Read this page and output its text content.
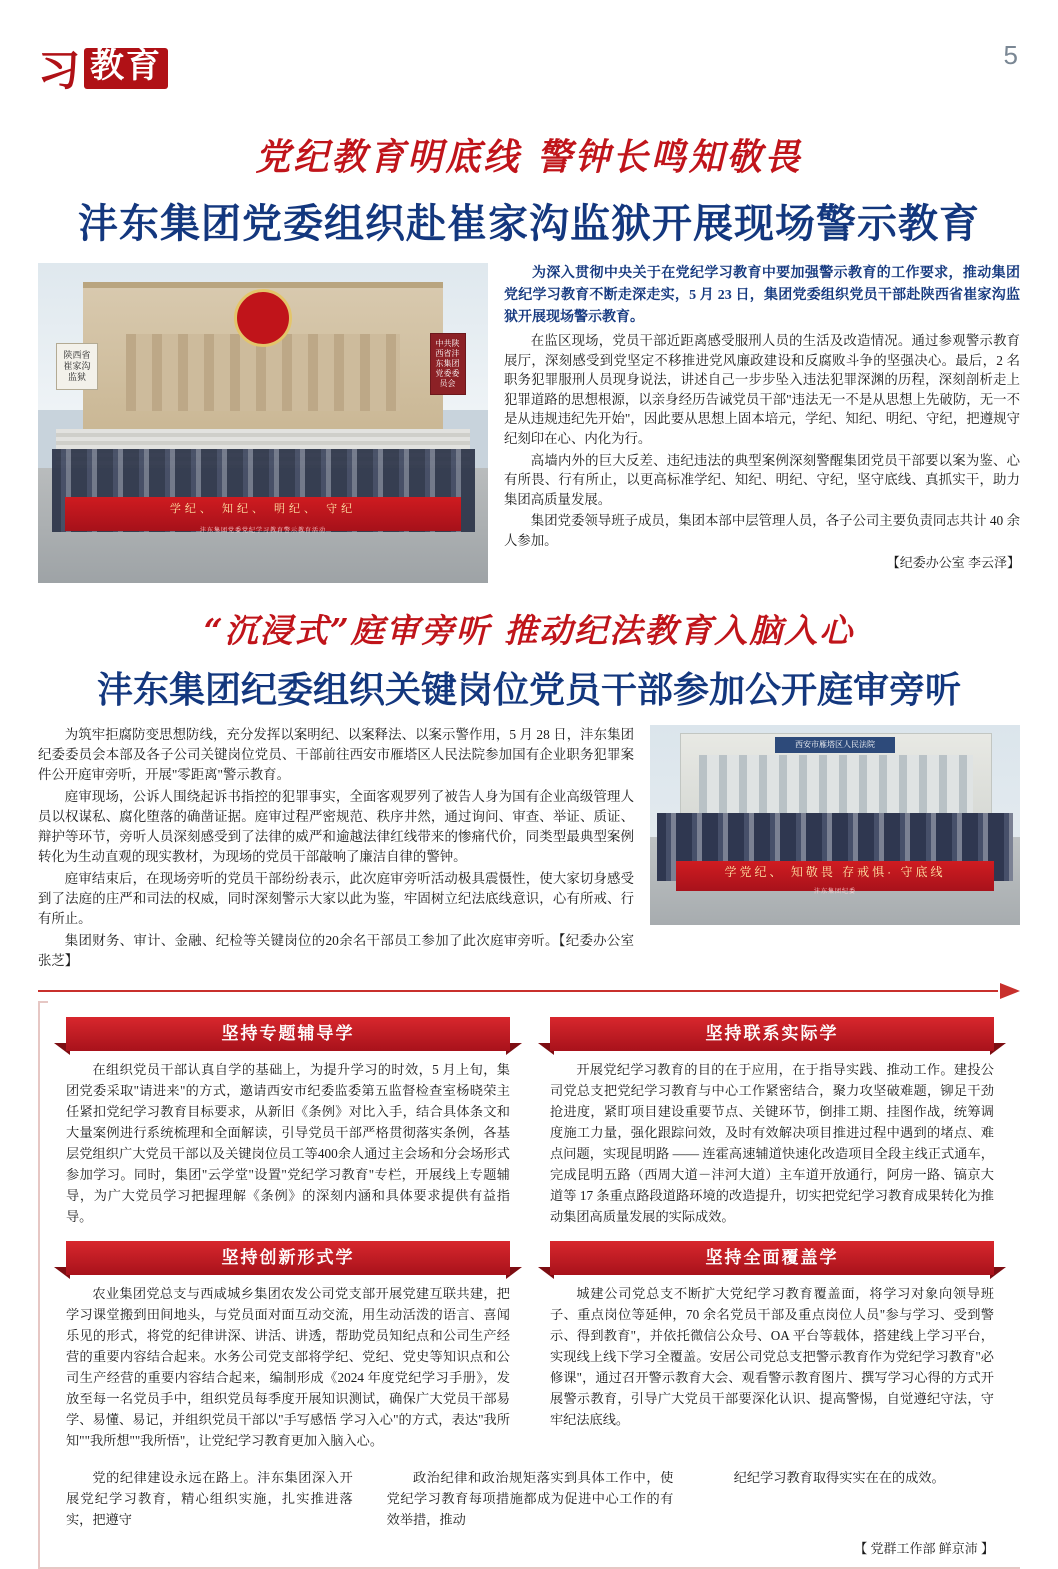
习 教育	5
党纪教育明底线 警钟长鸣知敬畏
沣东集团党委组织赴崔家沟监狱开展现场警示教育
陕西省崔家沟监狱
中共陕西省沣东集团党委委员会
学纪、 知纪、 明纪、 守纪
沣东集团党委党纪学习教育警示教育活动

为深入贯彻中央关于在党纪学习教育中要加强警示教育的工作要求，推动集团党纪学习教育不断走深走实，5 月 23 日，集团党委组织党员干部赴陕西省崔家沟监狱开展现场警示教育。

在监区现场，党员干部近距离感受服刑人员的生活及改造情况。通过参观警示教育展厅，深刻感受到党坚定不移推进党风廉政建设和反腐败斗争的坚强决心。最后，2 名职务犯罪服刑人员现身说法，讲述自己一步步坠入违法犯罪深渊的历程，深刻剖析走上犯罪道路的思想根源，以亲身经历告诫党员干部"违法无一不是从思想上先破防，无一不是从违规违纪先开始"，因此要从思想上固本培元，学纪、知纪、明纪、守纪，把遵规守纪刻印在心、内化为行。

高墙内外的巨大反差、违纪违法的典型案例深刻警醒集团党员干部要以案为鉴、心有所畏、行有所止，以更高标准学纪、知纪、明纪、守纪，坚守底线、真抓实干，助力集团高质量发展。

集团党委领导班子成员，集团本部中层管理人员，各子公司主要负责同志共计 40 余人参加。

【纪委办公室 李云泽】
“沉浸式”庭审旁听 推动纪法教育入脑入心
沣东集团纪委组织关键岗位党员干部参加公开庭审旁听

为筑牢拒腐防变思想防线，充分发挥以案明纪、以案释法、以案示警作用，5 月 28 日，沣东集团纪委委员会本部及各子公司关键岗位党员、干部前往西安市雁塔区人民法院参加国有企业职务犯罪案件公开庭审旁听，开展"零距离"警示教育。

庭审现场，公诉人围绕起诉书指控的犯罪事实，全面客观罗列了被告人身为国有企业高级管理人员以权谋私、腐化堕落的确凿证据。庭审过程严密规范、秩序井然，通过询问、审查、举证、质证、辩护等环节，旁听人员深刻感受到了法律的威严和逾越法律红线带来的惨痛代价，同类型最典型案例转化为生动直观的现实教材，为现场的党员干部敲响了廉洁自律的警钟。

庭审结束后，在现场旁听的党员干部纷纷表示，此次庭审旁听活动极具震慑性，使大家切身感受到了法庭的庄严和司法的权威，同时深刻警示大家以此为鉴，牢固树立纪法底线意识，心有所戒、行有所止。

集团财务、审计、金融、纪检等关键岗位的20余名干部员工参加了此次庭审旁听。【纪委办公室 张芝】

西安市雁塔区人民法院
学党纪、 知敬畏 存戒惧· 守底线
沣东集团纪委
坚持专题辅导学

在组织党员干部认真自学的基础上，为提升学习的时效，5 月上旬，集团党委采取"请进来"的方式，邀请西安市纪委监委第五监督检查室杨晓荣主任紧扣党纪学习教育目标要求，从新旧《条例》对比入手，结合具体条文和大量案例进行系统梳理和全面解读，引导党员干部严格贯彻落实条例，各基层党组织广大党员干部以及关键岗位员工等400余人通过主会场和分会场形式参加学习。同时，集团"云学堂"设置"党纪学习教育"专栏，开展线上专题辅导，为广大党员学习把握理解《条例》的深刻内涵和具体要求提供有益指导。

坚持联系实际学

开展党纪学习教育的目的在于应用，在于指导实践、推动工作。建投公司党总支把党纪学习教育与中心工作紧密结合，聚力攻坚破难题，铆足干劲抢进度，紧盯项目建设重要节点、关键环节，倒排工期、挂图作战，统筹调度施工力量，强化跟踪问效，及时有效解决项目推进过程中遇到的堵点、难点问题，实现昆明路 —— 连霍高速辅道快速化改造项目全段主线正式通车，完成昆明五路（西周大道－沣河大道）主车道开放通行，阿房一路、镐京大道等 17 条重点路段道路环境的改造提升，切实把党纪学习教育成果转化为推动集团高质量发展的实际成效。

坚持创新形式学

农业集团党总支与西咸城乡集团农发公司党支部开展党建互联共建，把学习课堂搬到田间地头，与党员面对面互动交流，用生动活泼的语言、喜闻乐见的形式，将党的纪律讲深、讲活、讲透，帮助党员知纪点和公司生产经营的重要内容结合起来。水务公司党支部将学纪、党纪、党史等知识点和公司生产经营的重要内容结合起来，编制形成《2024 年度党纪学习手册》，发放至每一名党员手中，组织党员每季度开展知识测试，确保广大党员干部易学、易懂、易记，并组织党员干部以"手写感悟 学习入心"的方式，表达"我所知""我所想""我所悟"，让党纪学习教育更加入脑入心。

坚持全面覆盖学

城建公司党总支不断扩大党纪学习教育覆盖面，将学习对象向领导班子、重点岗位等延伸，70 余名党员干部及重点岗位人员"参与学习、受到警示、得到教育"，并依托微信公众号、OA 平台等载体，搭建线上学习平台，实现线上线下学习全覆盖。安居公司党总支把警示教育作为党纪学习教育"必修课"，通过召开警示教育大会、观看警示教育图片、撰写学习心得的方式开展警示教育，引导广大党员干部要深化认识、提高警惕，自觉遵纪守法，守牢纪法底线。

党的纪律建设永远在路上。沣东集团深入开展党纪学习教育，精心组织实施，扎实推进落实，把遵守

政治纪律和政治规矩落实到具体工作中，使党纪学习教育每项措施都成为促进中心工作的有效举措，推动

纪纪学习教育取得实实在在的成效。

【 党群工作部 鲜京沛 】
